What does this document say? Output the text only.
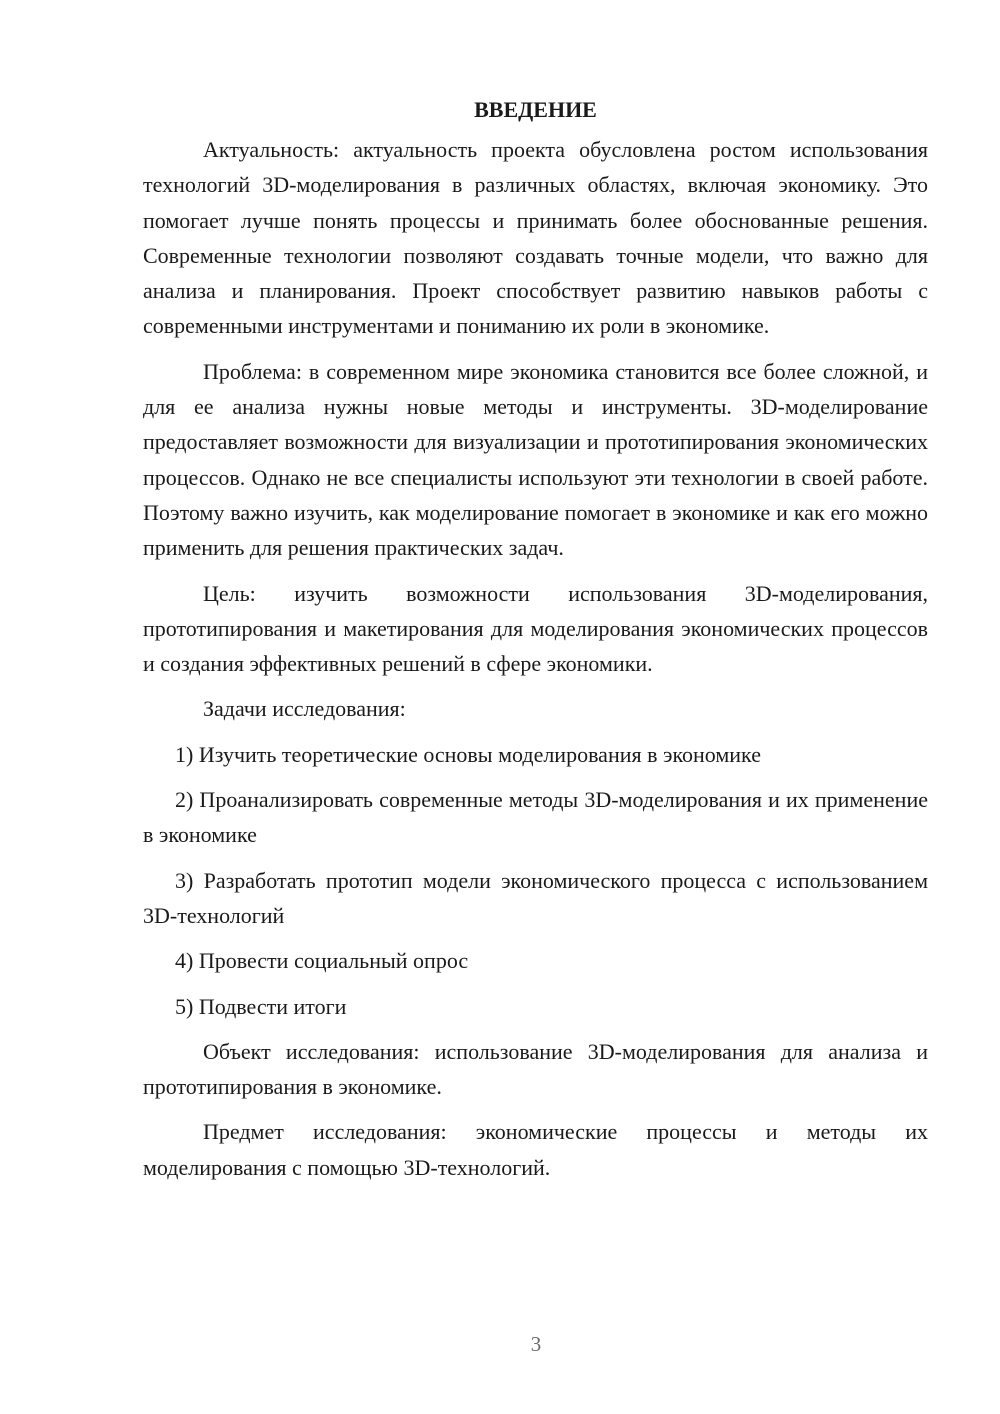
ВВЕДЕНИЕ

Актуальность: актуальность проекта обусловлена ростом использования технологий 3D-моделирования в различных областях, включая экономику. Это помогает лучше понять процессы и принимать более обоснованные решения. Современные технологии позволяют создавать точные модели, что важно для анализа и планирования. Проект способствует развитию навыков работы с современными инструментами и пониманию их роли в экономике.

Проблема: в современном мире экономика становится все более сложной, и для ее анализа нужны новые методы и инструменты. 3D-моделирование предоставляет возможности для визуализации и прототипирования экономических процессов. Однако не все специалисты используют эти технологии в своей работе. Поэтому важно изучить, как моделирование помогает в экономике и как его можно применить для решения практических задач.

Цель: изучить возможности использования 3D-моделирования, прототипирования и макетирования для моделирования экономических процессов и создания эффективных решений в сфере экономики.

Задачи исследования:

1) Изучить теоретические основы моделирования в экономике

2) Проанализировать современные методы 3D-моделирования и их применение в экономике

3) Разработать прототип модели экономического процесса с использованием 3D-технологий

4) Провести социальный опрос

5) Подвести итоги

Объект исследования: использование 3D-моделирования для анализа и прототипирования в экономике.

Предмет исследования: экономические процессы и методы их моделирования с помощью 3D-технологий.

3
